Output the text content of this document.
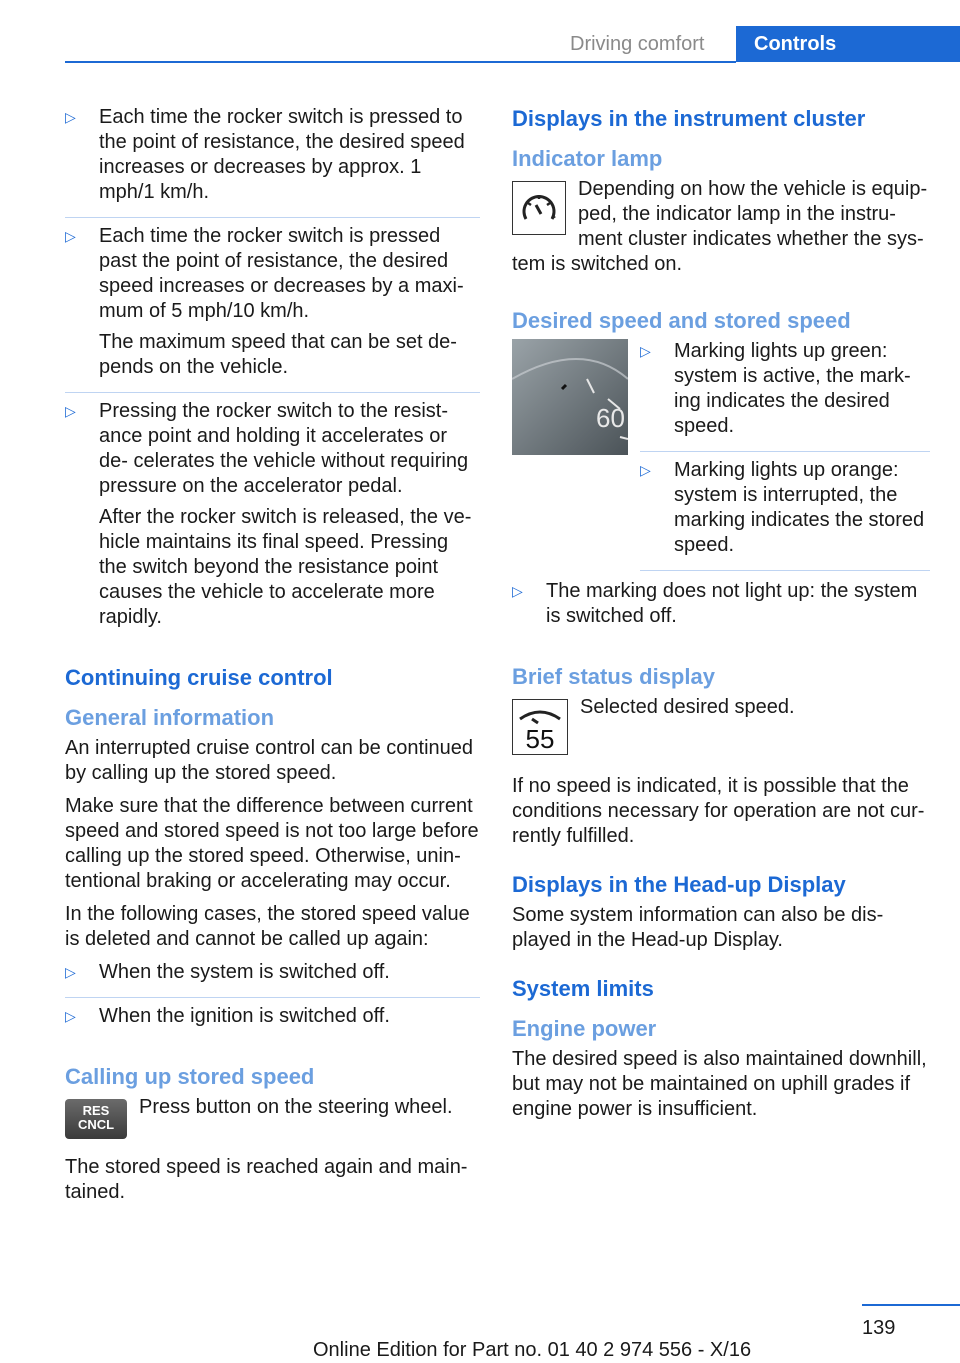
Driving comfort	Controls
▷ Each time the rocker switch is pressed to the point of resistance, the desired speed increases or decreases by approx. 1 mph/1 km/h.

▷ Each time the rocker switch is pressed past the point of resistance, the desired speed increases or decreases by a maxi- mum of 5 mph/10 km/h.

The maximum speed that can be set de- pends on the vehicle.

▷ Pressing the rocker switch to the resist- ance point and holding it accelerates or de- celerates the vehicle without requiring pressure on the accelerator pedal.

After the rocker switch is released, the ve- hicle maintains its final speed. Pressing the switch beyond the resistance point causes the vehicle to accelerate more rapidly.

Continuing cruise control
General information

An interrupted cruise control can be continued by calling up the stored speed.

Make sure that the difference between current speed and stored speed is not too large before calling up the stored speed. Otherwise, unin- tentional braking or accelerating may occur.

In the following cases, the stored speed value is deleted and cannot be called up again:

▷ When the system is switched off.

▷ When the ignition is switched off.

Calling up stored speed
RES
CNCL

Press button on the steering wheel.

The stored speed is reached again and main- tained.

Displays in the instrument cluster
Indicator lamp

Depending on how the vehicle is equip- ped, the indicator lamp in the instru- ment cluster indicates whether the sys- tem is switched on.

Desired speed and stored speed
60
▷ Marking lights up green: system is active, the mark- ing indicates the desired speed.

▷ Marking lights up orange: system is interrupted, the marking indicates the stored speed.

▷ The marking does not light up: the system is switched off.

Brief status display
55

Selected desired speed.

If no speed is indicated, it is possible that the conditions necessary for operation are not cur- rently fulfilled.

Displays in the Head-up Display

Some system information can also be dis- played in the Head-up Display.

System limits
Engine power

The desired speed is also maintained downhill, but may not be maintained on uphill grades if engine power is insufficient.

139
Online Edition for Part no. 01 40 2 974 556 - X/16
